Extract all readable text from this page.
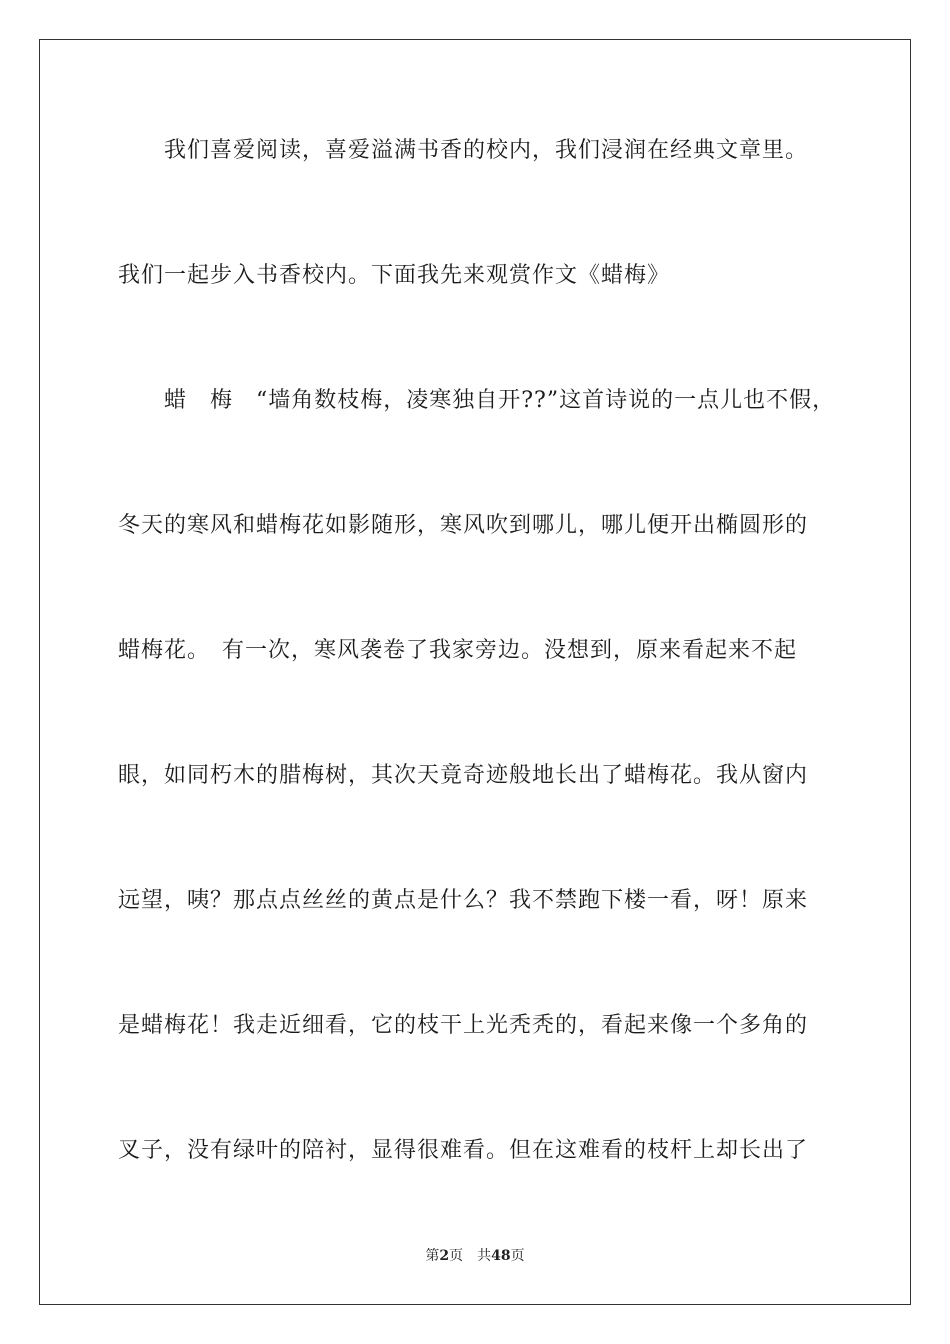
　　我们喜爱阅读，喜爱溢满书香的校内，我们浸润在经典文章里。
我们一起步入书香校内。下面我先来观赏作文《蜡梅》
　　蜡　梅　“墙角数枝梅，凌寒独自开??”这首诗说的一点儿也不假，
冬天的寒风和蜡梅花如影随形，寒风吹到哪儿，哪儿便开出椭圆形的
蜡梅花。　有一次，寒风袭卷了我家旁边。没想到，原来看起来不起
眼，如同朽木的腊梅树，其次天竟奇迹般地长出了蜡梅花。我从窗内
远望，咦？那点点丝丝的黄点是什么？我不禁跑下楼一看，呀！原来
是蜡梅花！我走近细看，它的枝干上光秃秃的，看起来像一个多角的
叉子，没有绿叶的陪衬，显得很难看。但在这难看的枝杆上却长出了
第2页 共48页
